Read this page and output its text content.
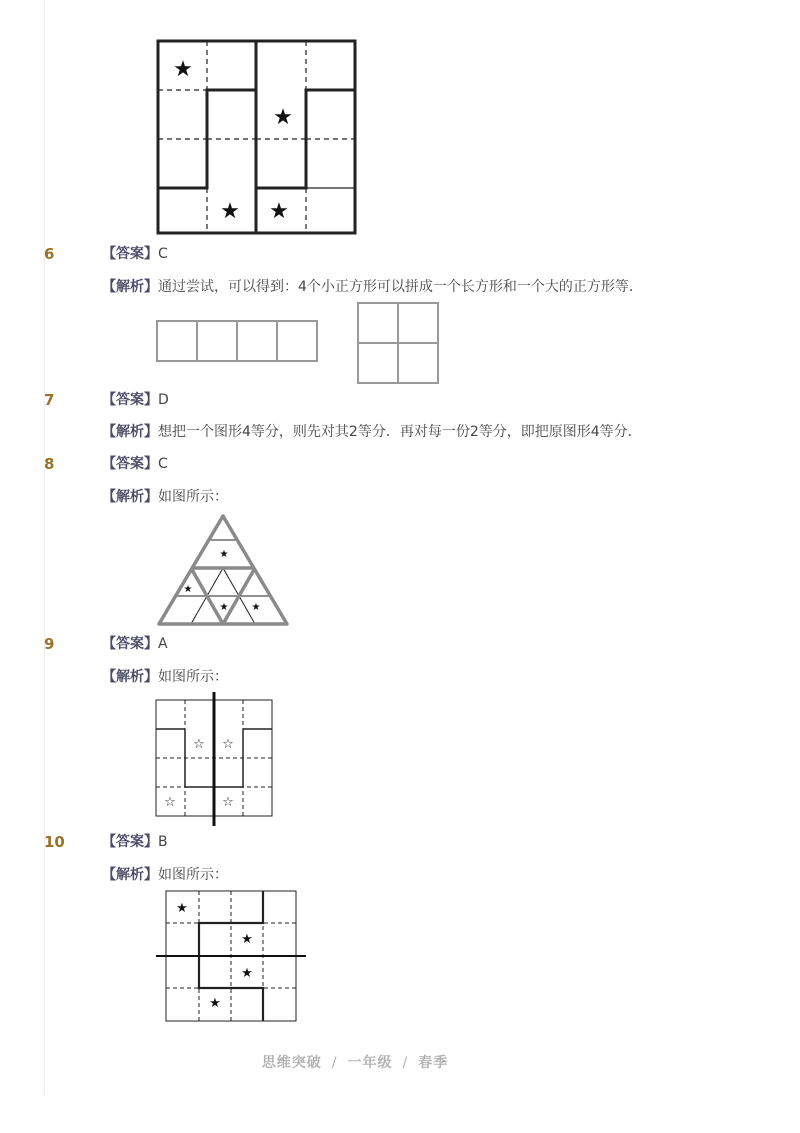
★
★
★ ★
6	【答案】C
【解析】通过尝试，可以得到：4个小正方形可以拼成一个长方形和一个大的正方形等．
7	【答案】D
【解析】想把一个图形4等分，则先对其2等分．再对每一份2等分，即把原图形4等分．
8	【答案】C
【解析】如图所示：
★
★
★ ★
9	【答案】A
【解析】如图所示：
☆ ☆
☆	☆
10	【答案】B
【解析】如图所示：
★
★
★
★
思维突破 / 一年级 / 春季
